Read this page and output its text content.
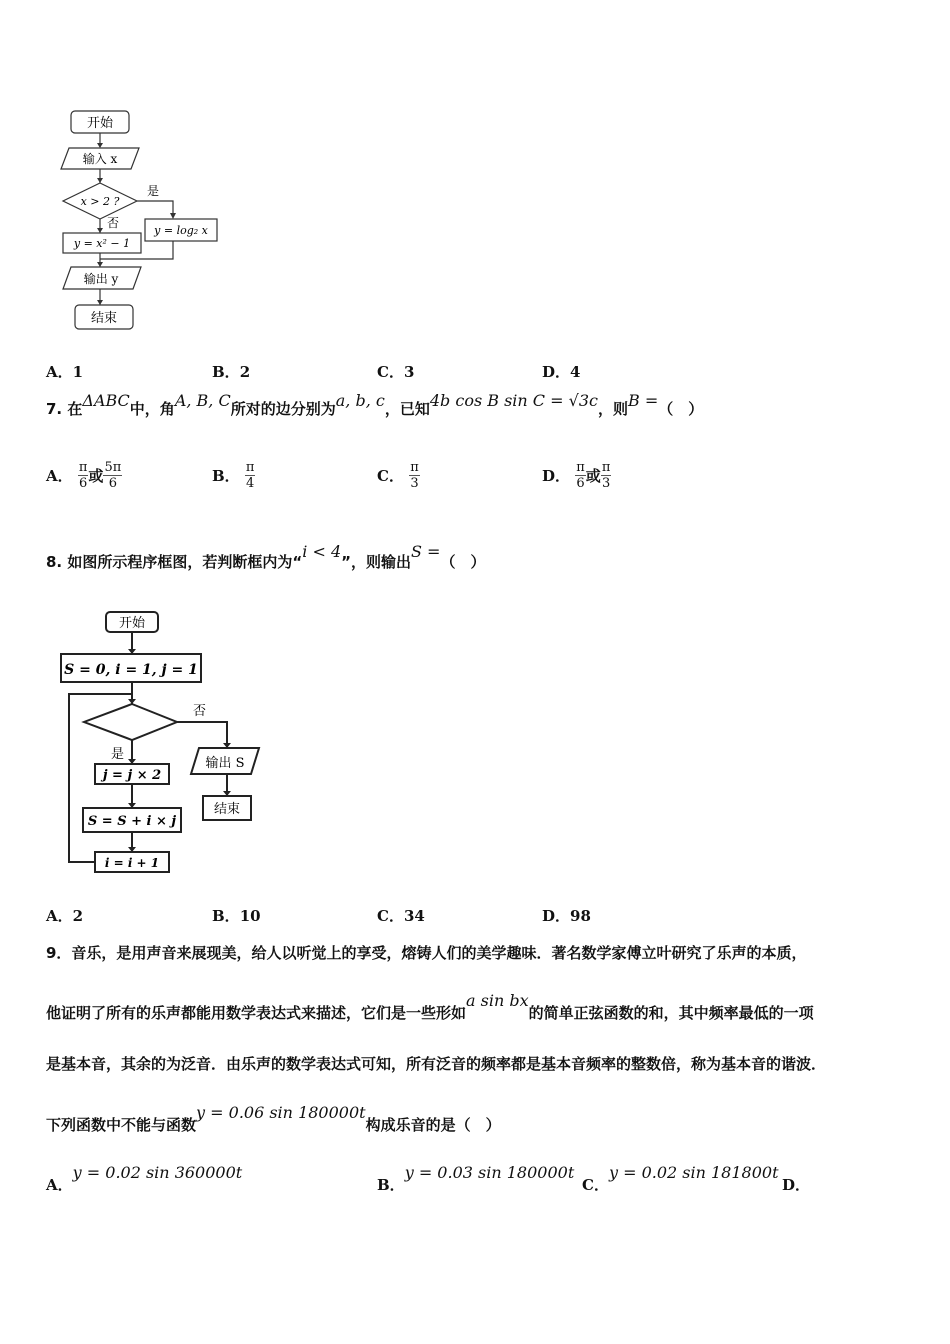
开始
输入 x
x > 2 ?
是
否
y = x² − 1
y = log₂ x
输出 y
结束
A．1	B．2	C．3	D．4
7. 在ΔABC中，角A, B, C所对的边分别为a, b, c，已知4b cos B sin C = √3c，则B =（　）
A． $\frac{\pi}{6}$ 或 $\frac{5\pi}{6}$	B． $\frac{\pi}{4}$	C． $\frac{\pi}{3}$	D． $\frac{\pi}{6}$ 或 $\frac{\pi}{3}$
8. 如图所示程序框图，若判断框内为“i < 4”，则输出S =（　）
开始
S = 0, i = 1, j = 1
否
是
输出 S
结束
j = j × 2
S = S + i × j
i = i + 1
A．2	B．10	C．34	D．98
9．音乐，是用声音来展现美，给人以听觉上的享受，熔铸人们的美学趣味．著名数学家傅立叶研究了乐声的本质，
他证明了所有的乐声都能用数学表达式来描述，它们是一些形如a sin bx的简单正弦函数的和，其中频率最低的一项
是基本音，其余的为泛音．由乐声的数学表达式可知，所有泛音的频率都是基本音频率的整数倍，称为基本音的谐波．
下列函数中不能与函数y = 0.06 sin 180000t构成乐音的是（　）
A．y = 0.02 sin 360000t
B．y = 0.03 sin 180000t
C．y = 0.02 sin 181800t
D．
